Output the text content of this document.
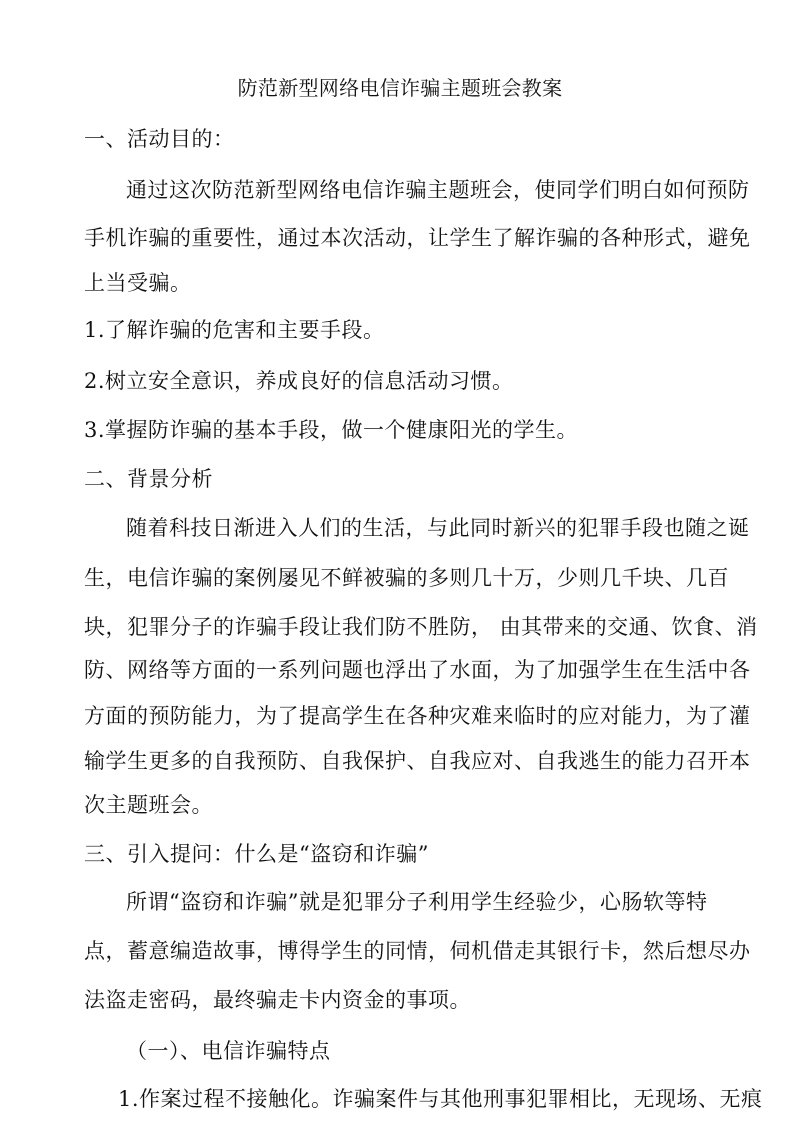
防范新型网络电信诈骗主题班会教案
一、活动目的：
通过这次防范新型网络电信诈骗主题班会，使同学们明白如何预防
手机诈骗的重要性，通过本次活动，让学生了解诈骗的各种形式，避免
上当受骗。
1.了解诈骗的危害和主要手段。
2.树立安全意识，养成良好的信息活动习惯。
3.掌握防诈骗的基本手段，做一个健康阳光的学生。
二、背景分析
随着科技日渐进入人们的生活，与此同时新兴的犯罪手段也随之诞
生，电信诈骗的案例屡见不鲜被骗的多则几十万，少则几千块、几百
块，犯罪分子的诈骗手段让我们防不胜防， 由其带来的交通、饮食、消
防、网络等方面的一系列问题也浮出了水面，为了加强学生在生活中各
方面的预防能力，为了提高学生在各种灾难来临时的应对能力，为了灌
输学生更多的自我预防、自我保护、自我应对、自我逃生的能力召开本
次主题班会。
三、引入提问：什么是“盗窃和诈骗”
所谓“盗窃和诈骗”就是犯罪分子利用学生经验少，心肠软等特
点，蓄意编造故事，博得学生的同情，伺机借走其银行卡，然后想尽办
法盗走密码，最终骗走卡内资金的事项。
（一）、电信诈骗特点
1.作案过程不接触化。诈骗案件与其他刑事犯罪相比，无现场、无痕
